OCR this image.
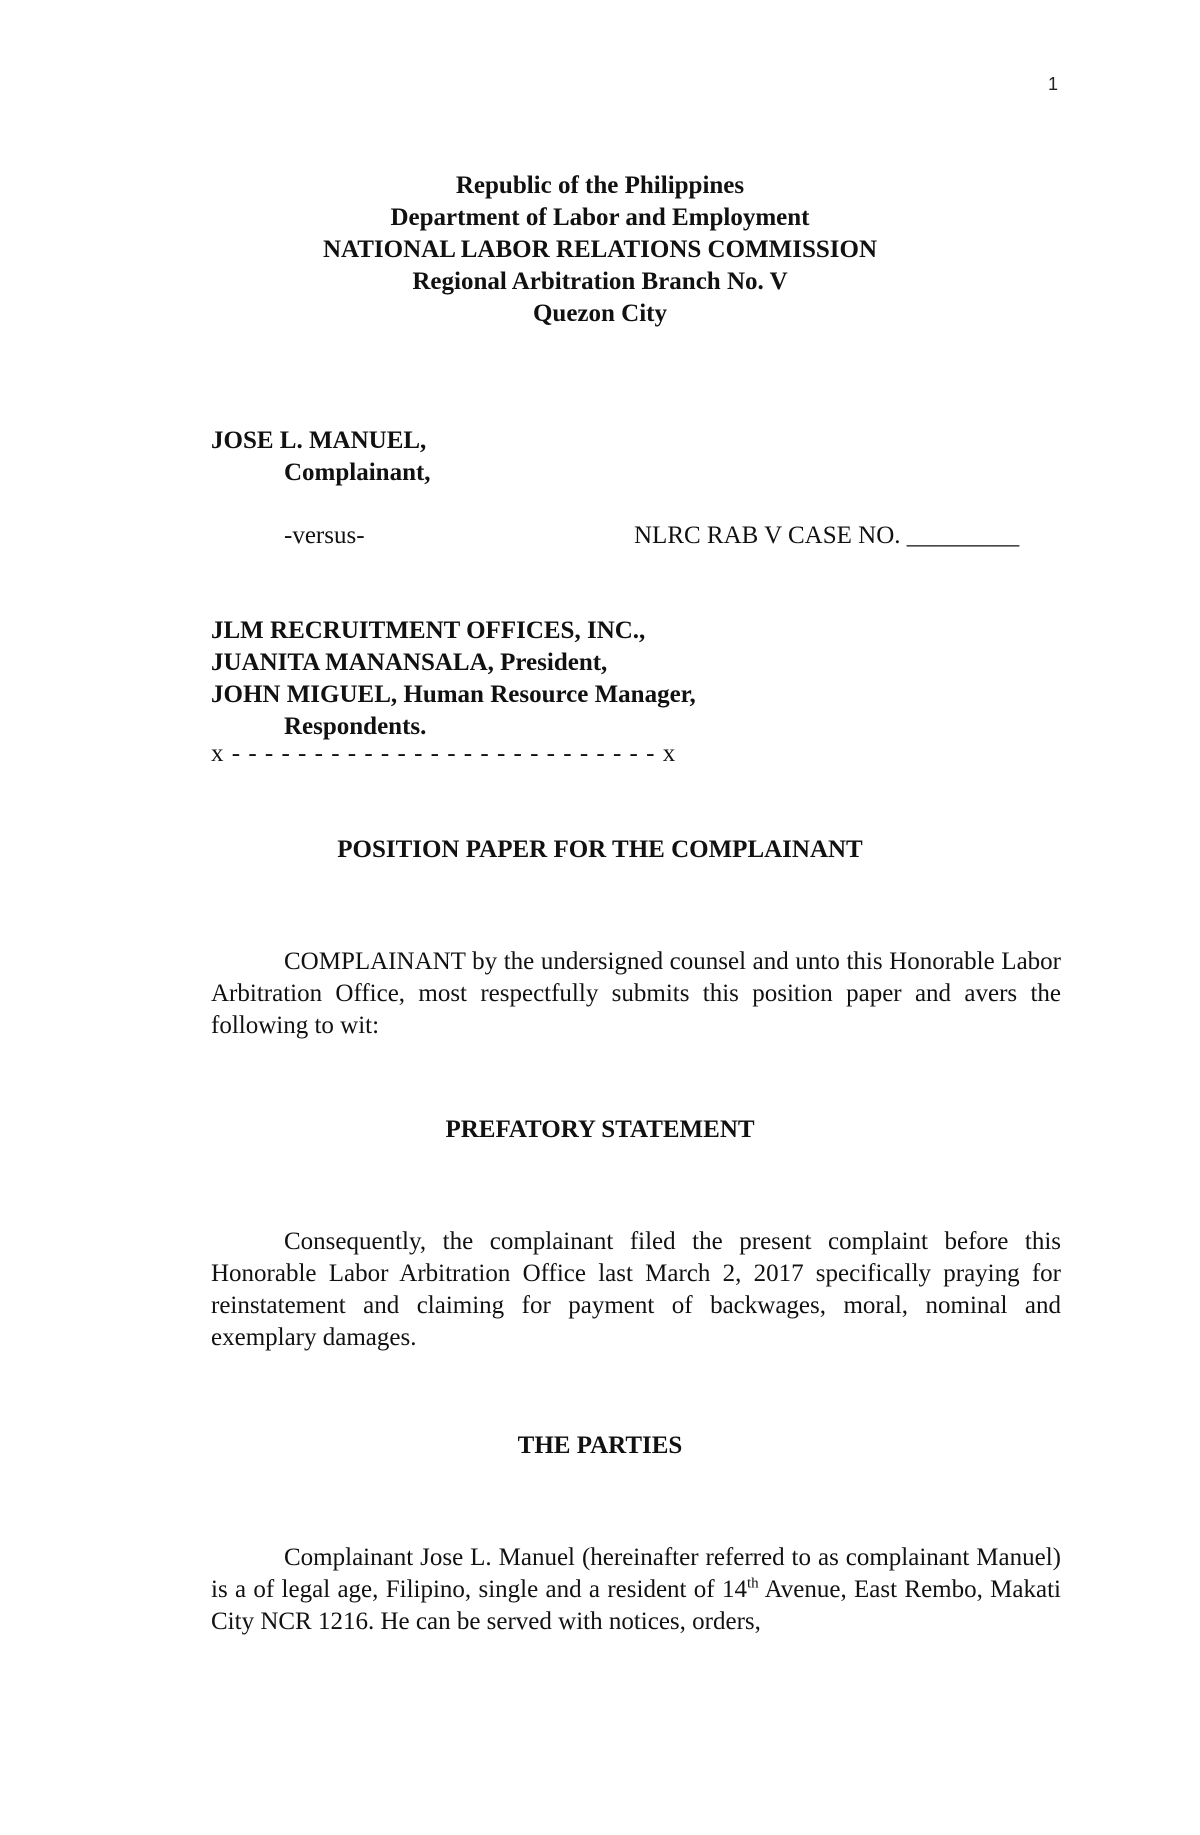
1
Republic of the Philippines
Department of Labor and Employment
NATIONAL LABOR RELATIONS COMMISSION
Regional Arbitration Branch No. V
Quezon City
JOSE L. MANUEL,
Complainant,
-versus-	NLRC RAB V CASE NO. _________
JLM RECRUITMENT OFFICES, INC.,
JUANITA MANANSALA, President,
JOHN MIGUEL, Human Resource Manager,
Respondents.
x - - - - - - - - - - - - - - - - - - - - - - - - - - x
POSITION PAPER FOR THE COMPLAINANT
COMPLAINANT by the undersigned counsel and unto this Honorable Labor Arbitration Office, most respectfully submits this position paper and avers the following to wit:
PREFATORY STATEMENT
Consequently, the complainant filed the present complaint before this Honorable Labor Arbitration Office last March 2, 2017 specifically praying for reinstatement and claiming for payment of backwages, moral, nominal and exemplary damages.
THE PARTIES
Complainant Jose L. Manuel (hereinafter referred to as complainant Manuel) is a of legal age, Filipino, single and a resident of 14th Avenue, East Rembo, Makati City NCR 1216. He can be served with notices, orders,
